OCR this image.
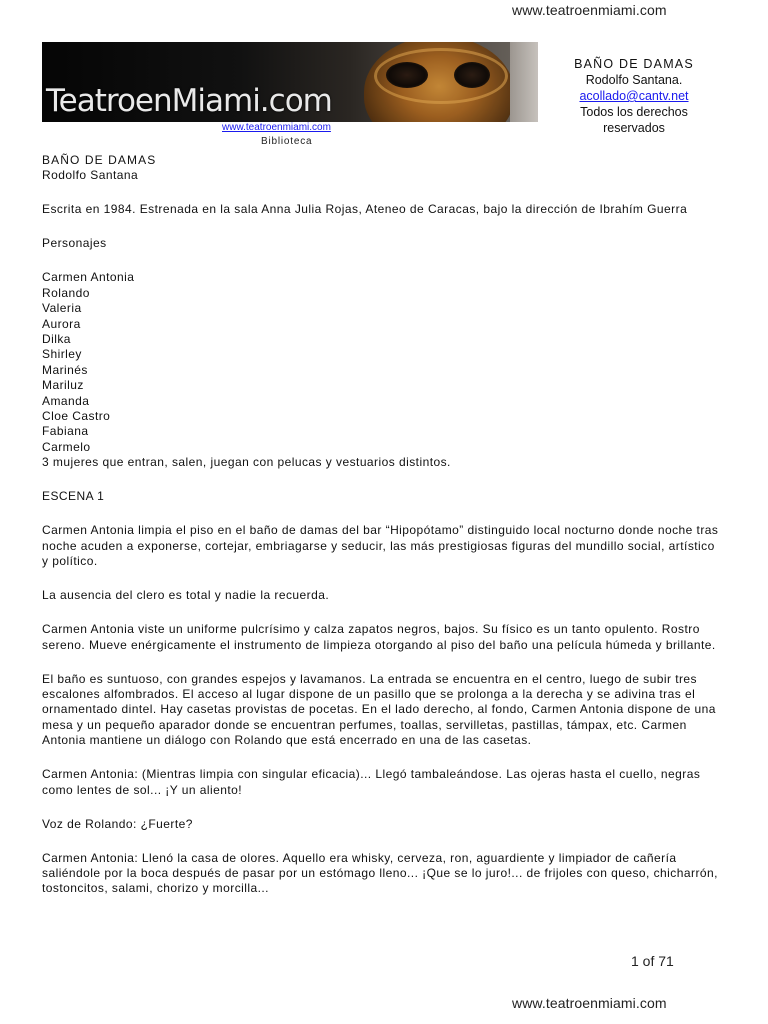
www.teatroenmiami.com
TeatroenMiami.com
www.teatroenmiami.com
Biblioteca
BAÑO DE DAMAS
Rodolfo Santana.
acollado@cantv.net
Todos los derechos
reservados
BAÑO DE DAMAS

Rodolfo Santana

Escrita en 1984. Estrenada en la sala Anna Julia Rojas, Ateneo de Caracas, bajo la dirección de Ibrahím Guerra

Personajes

Carmen Antonia
Rolando
Valeria
Aurora
Dilka
Shirley
Marinés
Mariluz
Amanda
Cloe Castro
Fabiana
Carmelo
3 mujeres que entran, salen, juegan con pelucas y vestuarios distintos.

ESCENA 1

Carmen Antonia limpia el piso en el baño de damas del bar “Hipopótamo” distinguido local nocturno donde noche tras noche acuden a exponerse, cortejar, embriagarse y seducir, las más prestigiosas figuras del mundillo social, artístico y político.

La ausencia del clero es total y nadie la recuerda.

Carmen Antonia viste un uniforme pulcrísimo y calza zapatos negros, bajos. Su físico es un tanto opulento. Rostro sereno. Mueve enérgicamente el instrumento de limpieza otorgando al piso del baño una película húmeda y brillante.

El baño es suntuoso, con grandes espejos y lavamanos. La entrada se encuentra en el centro, luego de subir tres escalones alfombrados. El acceso al lugar dispone de un pasillo que se prolonga a la derecha y se adivina tras el ornamentado dintel. Hay casetas provistas de pocetas. En el lado derecho, al fondo, Carmen Antonia dispone de una mesa y un pequeño aparador donde se encuentran perfumes, toallas, servilletas, pastillas, támpax, etc. Carmen Antonia mantiene un diálogo con Rolando que está encerrado en una de las casetas.

Carmen Antonia: (Mientras limpia con singular eficacia)... Llegó tambaleándose. Las ojeras hasta el cuello, negras como lentes de sol... ¡Y un aliento!

Voz de Rolando: ¿Fuerte?

Carmen Antonia: Llenó la casa de olores. Aquello era whisky, cerveza, ron, aguardiente y limpiador de cañería saliéndole por la boca después de pasar por un estómago lleno... ¡Que se lo juro!... de frijoles con queso, chicharrón, tostoncitos, salami, chorizo y morcilla...

1 of 71
www.teatroenmiami.com
